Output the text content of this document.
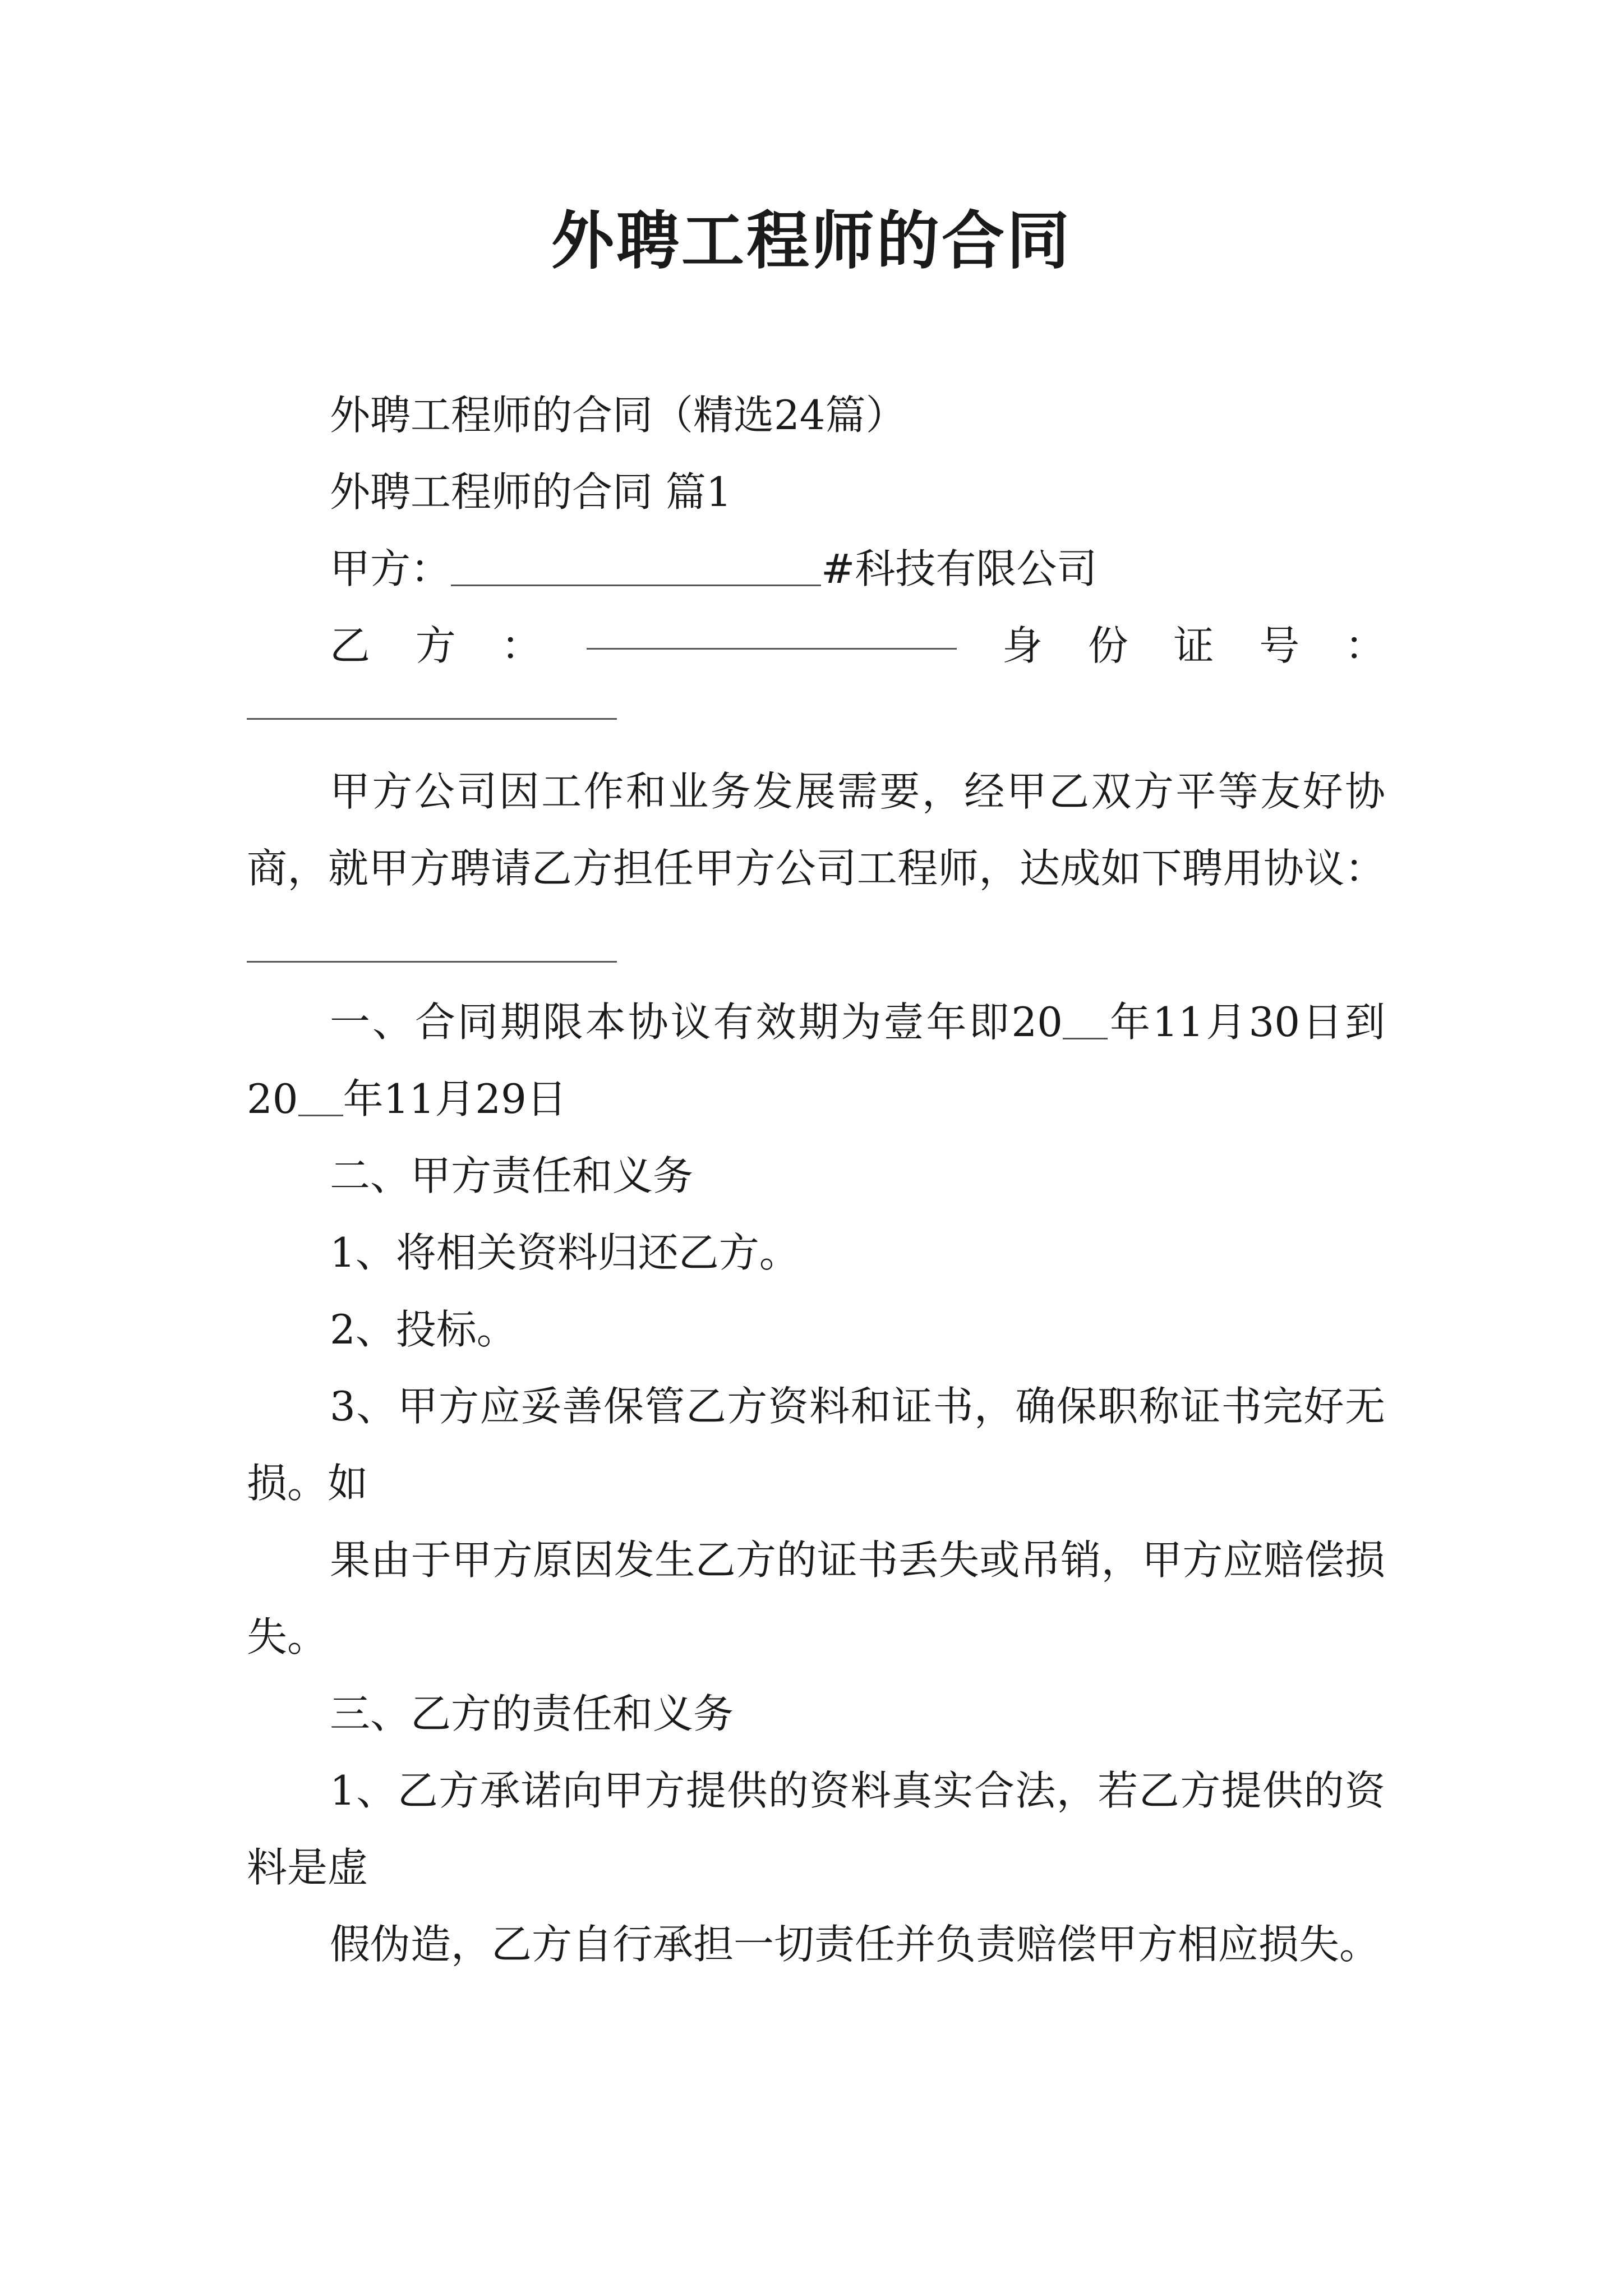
外聘工程师的合同

外聘工程师的合同（精选24篇）

外聘工程师的合同 篇1

甲方：	#科技有限公司

乙 方 ：	身 份 证 号 ：

甲方公司因工作和业务发展需要，经甲乙双方平等友好协商，就甲方聘请乙方担任甲方公司工程师，达成如下聘用协议：

一、合同期限本协议有效期为壹年即20 年11月30日到20 年11月29日

二、甲方责任和义务

1、将相关资料归还乙方。

2、投标。

3、甲方应妥善保管乙方资料和证书，确保职称证书完好无损。如

果由于甲方原因发生乙方的证书丢失或吊销，甲方应赔偿损失。

三、乙方的责任和义务

1、乙方承诺向甲方提供的资料真实合法，若乙方提供的资料是虚

假伪造，乙方自行承担一切责任并负责赔偿甲方相应损失。
